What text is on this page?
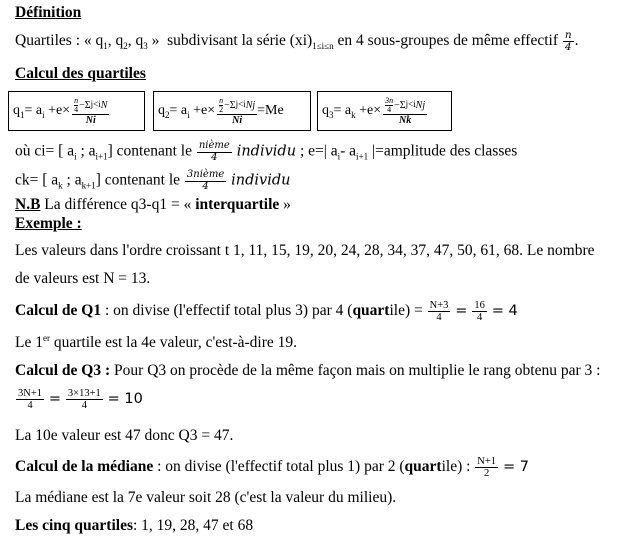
Définition
Quartiles : « $q_1$, $q_2$, $q_3$ »  subdivisant la série $(xi)_{1\le i\le n}$ en 4 sous-groupes de même effectif $\frac{n}{4}$ .
Calcul des quartiles
$q_1= a_i +e\times n$
4 −Σ j<i N
Ni	$q_2= a_i +e\times$
n
2 −Σ j<i Nj
Ni
=Me	$q_3= a_k +e\times$
3n
4 −Σ j<i Nj
Nk
où ci= [ $a_i$ ; $a_{i+1}$] contenant le $\frac{\text{nième}}{4}$ individu ; e=| $a_i-$ $a_{i+1}$ |=amplitude des classes
ck= [ $a_k$ ; $a_{k+1}$] contenant le $\frac{\text{3nième}}{4}$ individu
N.B La différence q3-q1 = « interquartile »
Exemple :
Les valeurs dans l'ordre croissant t 1, 11, 15, 19, 20, 24, 28, 34, 37, 47, 50, 61, 68. Le nombre
de valeurs est N = 13.
Calcul de Q1 : on divise (l'effectif total plus 3) par 4 (quartile) = $\frac{N+3}{4} = \frac{16}{4} = 4$
Le 1er quartile est la 4e valeur, c'est-à-dire 19.
Calcul de Q3 : Pour Q3 on procède de la même façon mais on multiplie le rang obtenu par 3 :
$\frac{3N+1}{4} = \frac{3\times 13+1}{4} = 10$
La 10e valeur est 47 donc Q3 = 47.
Calcul de la médiane : on divise (l'effectif total plus 1) par 2 (quartile) : $\frac{N+1}{2} = 7$
La médiane est la 7e valeur soit 28 (c'est la valeur du milieu).
Les cinq quartiles: 1, 19, 28, 47 et 68
